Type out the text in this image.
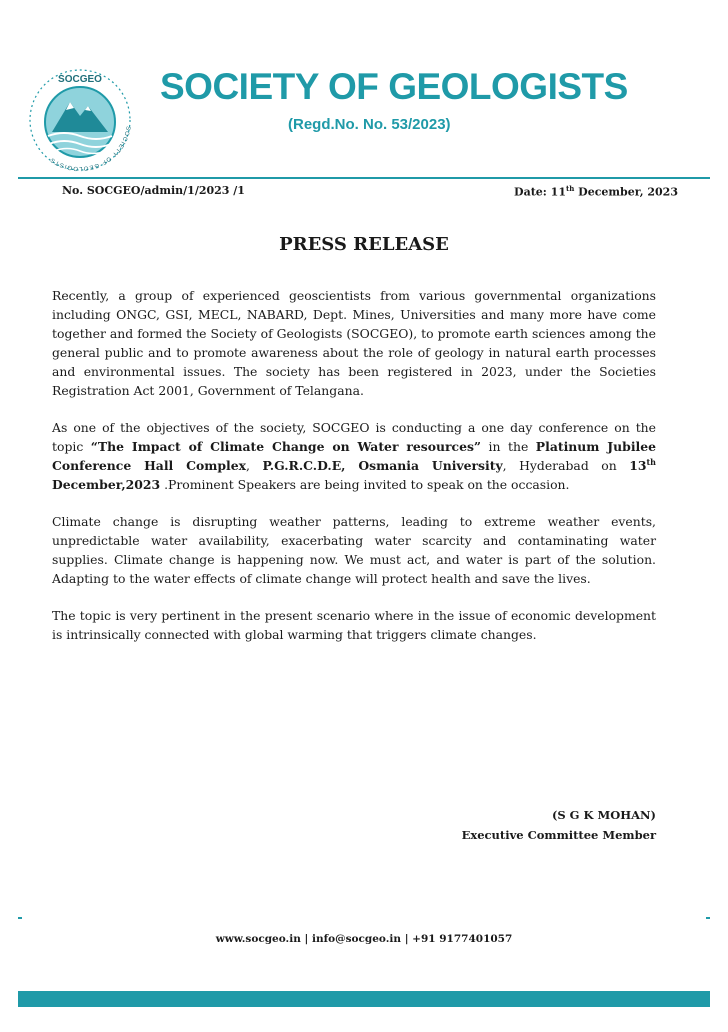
SOCGEO
SOCIETY OF GEOLOGISTS
SOCIETY OF GEOLOGISTS
(Regd.No. No. 53/2023)
No. SOCGEO/admin/1/2023 /1	Date: 11th December, 2023
PRESS RELEASE

Recently, a group of experienced geoscientists from various governmental organizations including ONGC, GSI, MECL, NABARD, Dept. Mines, Universities and many more have come together and formed the Society of Geologists (SOCGEO), to promote earth sciences among the general public and to promote awareness about the role of geology in natural earth processes and environmental issues. The society has been registered in 2023, under the Societies Registration Act 2001, Government of Telangana.

As one of the objectives of the society, SOCGEO is conducting a one day conference on the topic “The Impact of Climate Change on Water resources” in the Platinum Jubilee Conference Hall Complex, P.G.R.C.D.E, Osmania University, Hyderabad on 13th December,2023 .Prominent Speakers are being invited to speak on the occasion.

Climate change is disrupting weather patterns, leading to extreme weather events, unpredictable water availability, exacerbating water scarcity and contaminating water supplies. Climate change is happening now. We must act, and water is part of the solution. Adapting to the water effects of climate change will protect health and save the lives.

The topic is very pertinent in the present scenario where in the issue of economic development is intrinsically connected with global warming that triggers climate changes.

(S G K MOHAN)
Executive Committee Member
www.socgeo.in | info@socgeo.in | +91 9177401057
